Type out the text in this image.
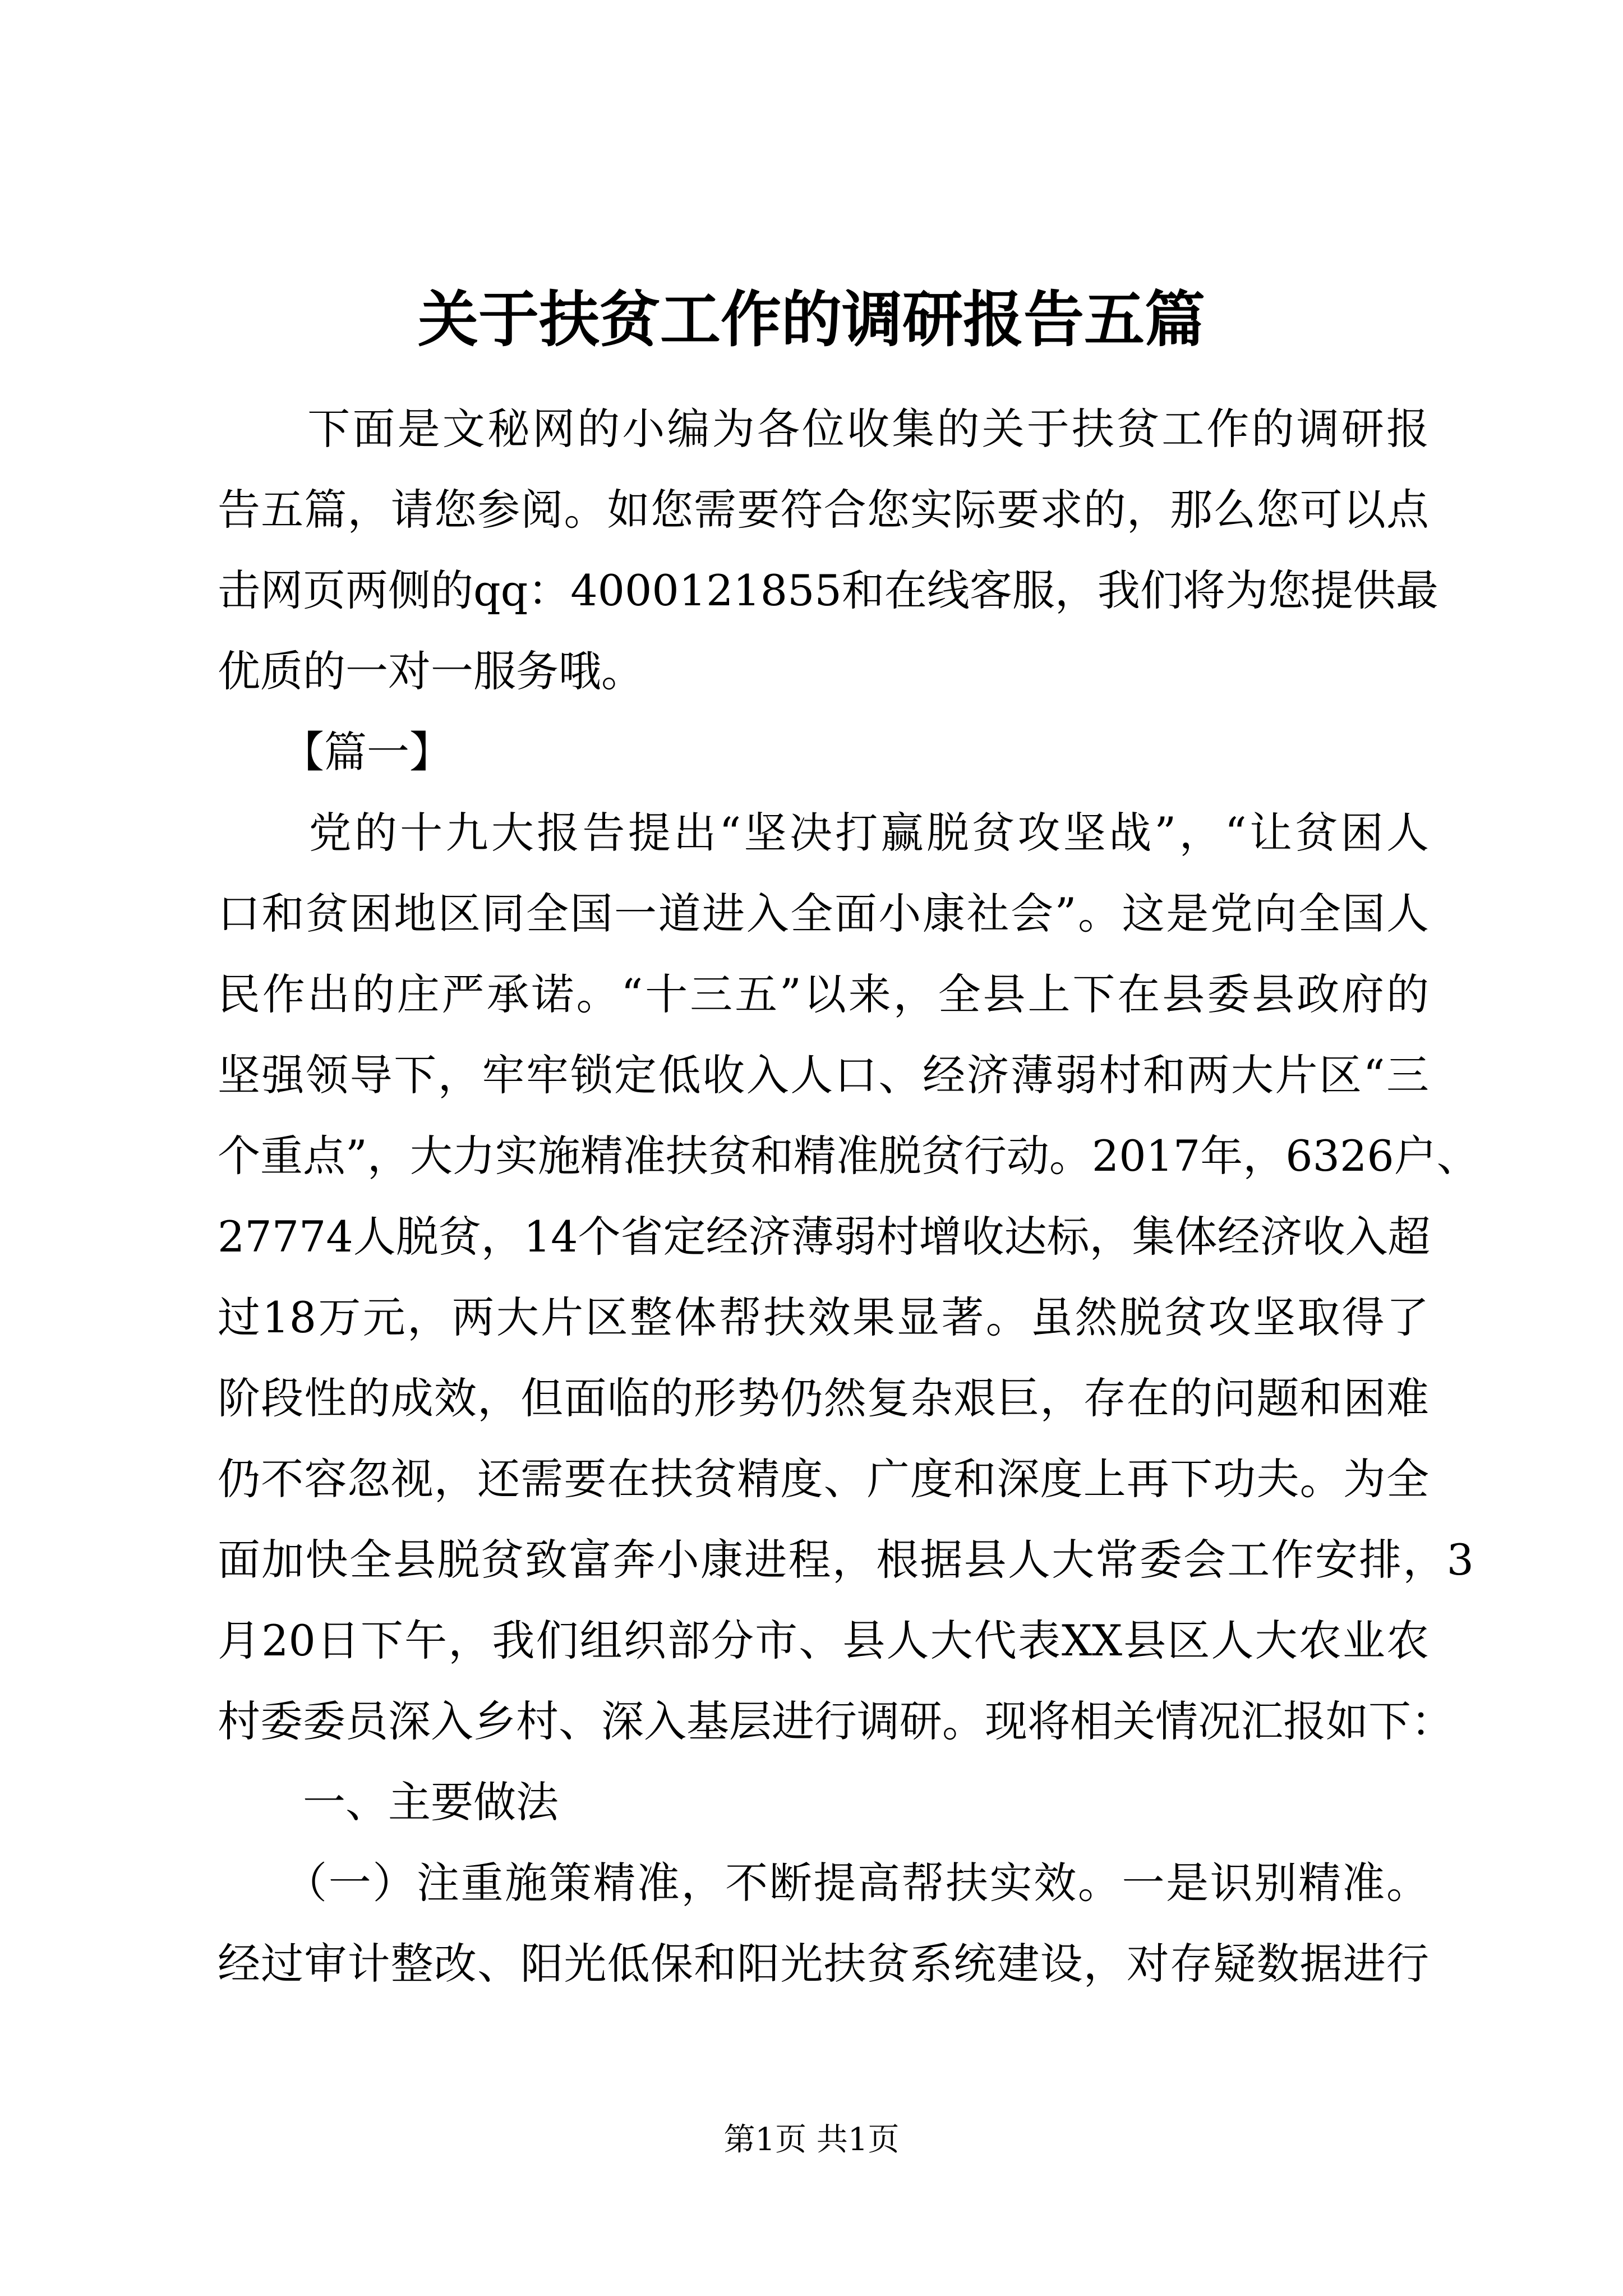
关于扶贫工作的调研报告五篇
　　下面是文秘网的小编为各位收集的关于扶贫工作的调研报
告五篇，请您参阅。如您需要符合您实际要求的，那么您可以点
击网页两侧的qq：4000121855和在线客服，我们将为您提供最
优质的一对一服务哦。
　　【篇一】
　　党的十九大报告提出“坚决打赢脱贫攻坚战”，“让贫困人
口和贫困地区同全国一道进入全面小康社会”。这是党向全国人
民作出的庄严承诺。“十三五”以来，全县上下在县委县政府的
坚强领导下，牢牢锁定低收入人口、经济薄弱村和两大片区“三
个重点”，大力实施精准扶贫和精准脱贫行动。2017年，6326户、
27774人脱贫，14个省定经济薄弱村增收达标，集体经济收入超
过18万元，两大片区整体帮扶效果显著。虽然脱贫攻坚取得了
阶段性的成效，但面临的形势仍然复杂艰巨，存在的问题和困难
仍不容忽视，还需要在扶贫精度、广度和深度上再下功夫。为全
面加快全县脱贫致富奔小康进程，根据县人大常委会工作安排，3
月20日下午，我们组织部分市、县人大代表XX县区人大农业农
村委委员深入乡村、深入基层进行调研。现将相关情况汇报如下：
　　一、主要做法
　　（一）注重施策精准，不断提高帮扶实效。一是识别精准。
经过审计整改、阳光低保和阳光扶贫系统建设，对存疑数据进行
第1页 共1页
